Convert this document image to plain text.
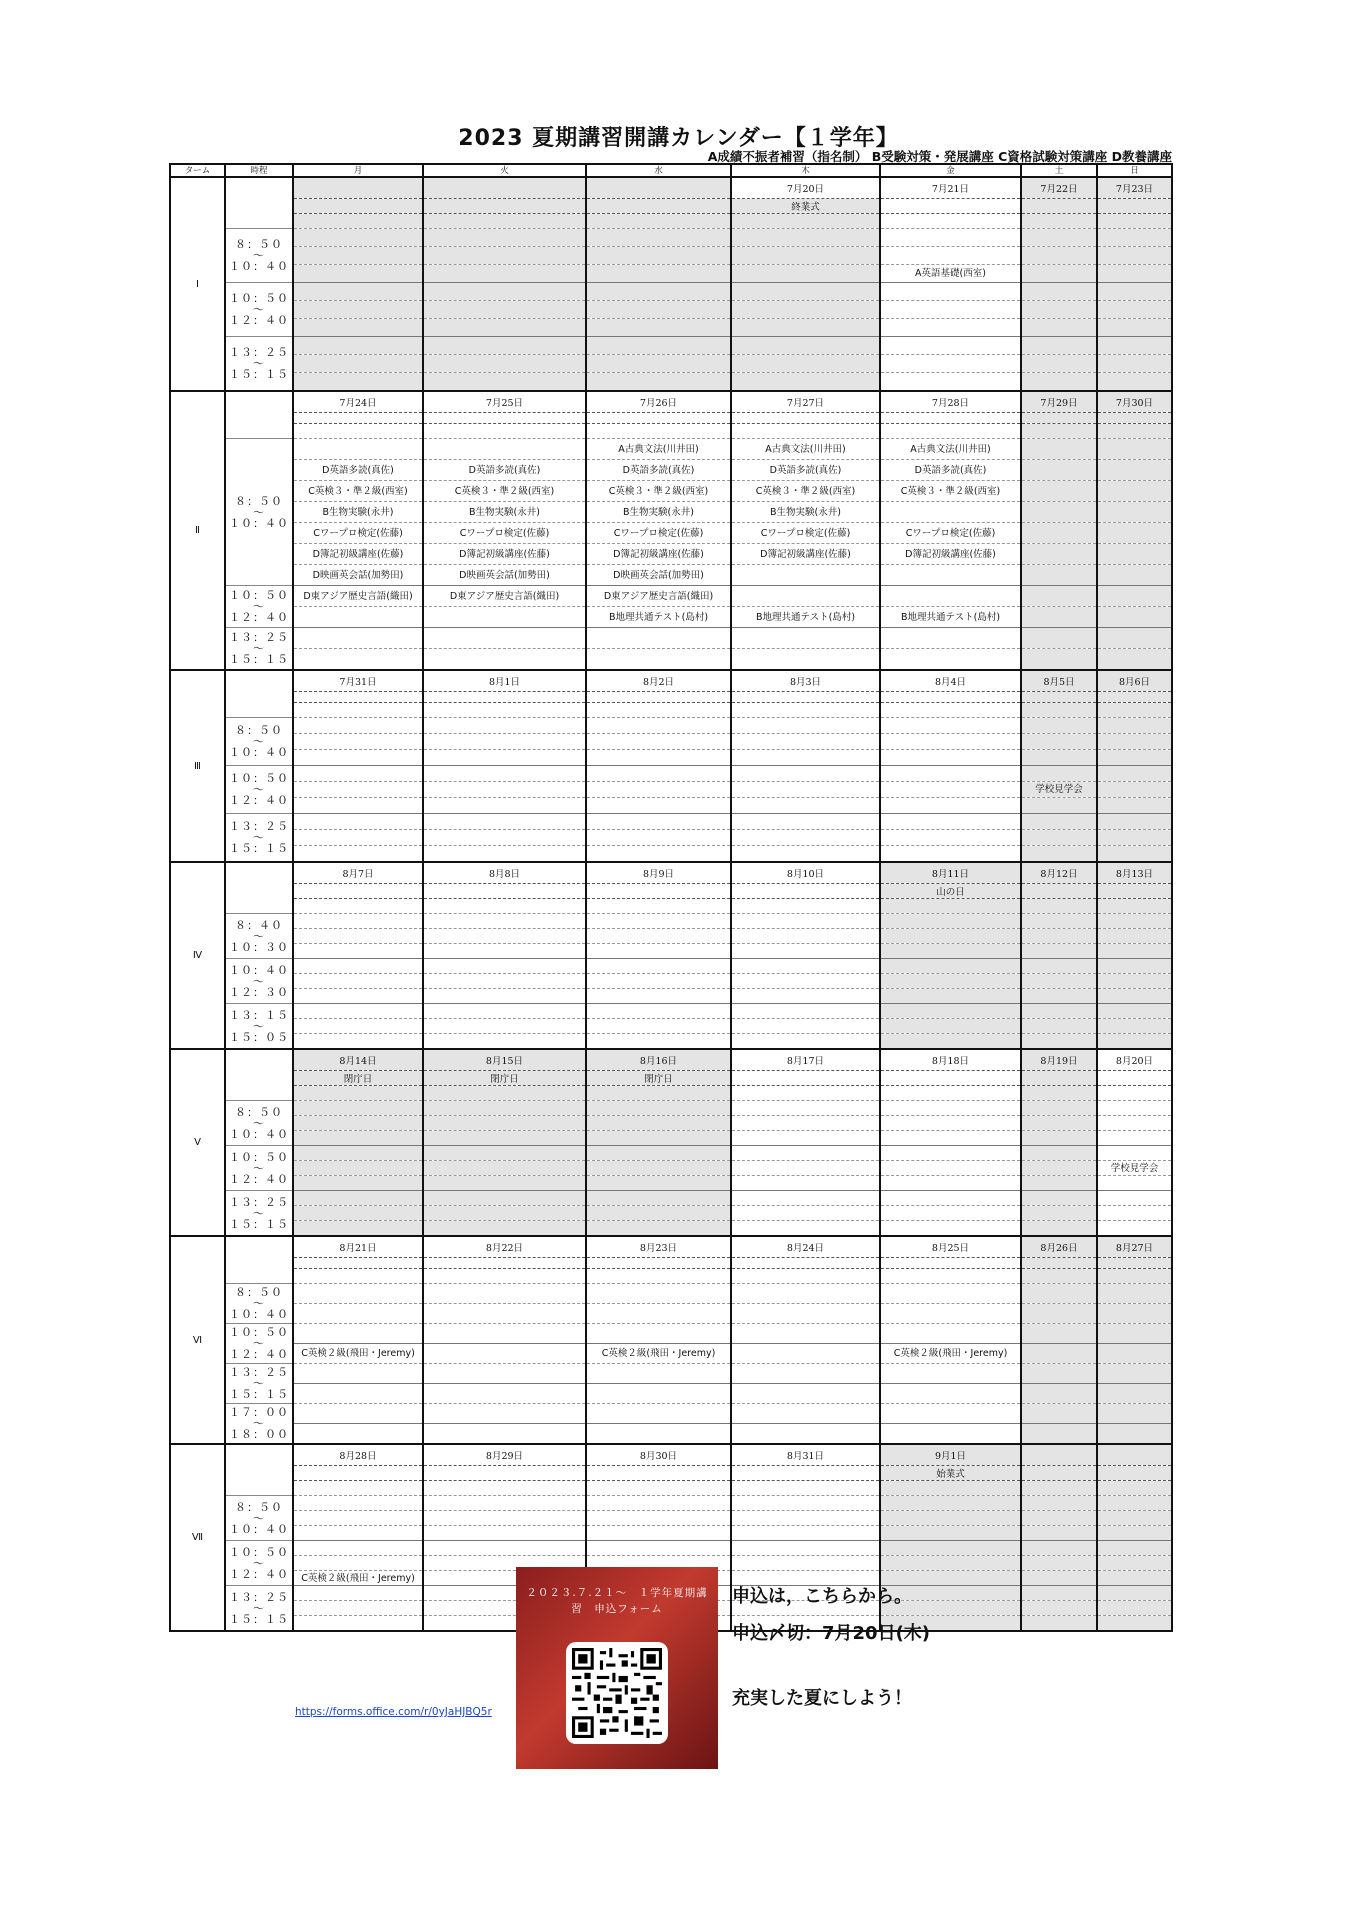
2023 夏期講習開講カレンダー【１学年】
A成績不振者補習（指名制） B受験対策・発展講座 C資格試験対策講座 D教養講座
ターム	時程	月	火	水	木	金	土	日
Ⅰ					7月20日	7月21日	7月22日	7月23日
					終業式			

	８：５０
～
１０：４０							

						A英語基礎(西室)		

	１０：５０
～
１２：４０							

	１３：２５
～
１５：１５							

Ⅱ		7月24日	7月25日	7月26日	7月27日	7月28日	7月29日	7月30日

	８：５０
～
１０：４０			A古典文法(川井田)	A古典文法(川井田)	A古典文法(川井田)		
		D英語多読(真佐)	D英語多読(真佐)	D英語多読(真佐)	D英語多読(真佐)	D英語多読(真佐)		
		C英検３・準２級(西室)	C英検３・準２級(西室)	C英検３・準２級(西室)	C英検３・準２級(西室)	C英検３・準２級(西室)		
		B生物実験(永井)	B生物実験(永井)	B生物実験(永井)	B生物実験(永井)			
		Cワープロ検定(佐藤)	Cワープロ検定(佐藤)	Cワープロ検定(佐藤)	Cワープロ検定(佐藤)	Cワープロ検定(佐藤)		
		D簿記初級講座(佐藤)	D簿記初級講座(佐藤)	D簿記初級講座(佐藤)	D簿記初級講座(佐藤)	D簿記初級講座(佐藤)		
		D映画英会話(加勢田)	D映画英会話(加勢田)	D映画英会話(加勢田)				

	１０：５０
～
１２：４０	D東アジア歴史言語(織田)	D東アジア歴史言語(織田)	D東アジア歴史言語(織田)				
				B地理共通テスト(島村)	B地理共通テスト(島村)	B地理共通テスト(島村)		

	１３：２５
～
１５：１５							

Ⅲ		7月31日	8月1日	8月2日	8月3日	8月4日	8月5日	8月6日

	８：５０
～
１０：４０							

	１０：５０
～
１２：４０							

							学校見学会	

	１３：２５
～
１５：１５							

Ⅳ		8月7日	8月8日	8月9日	8月10日	8月11日	8月12日	8月13日
						山の日		

	８：４０
～
１０：３０							

	１０：４０
～
１２：３０							

	１３：１５
～
１５：０５							

Ⅴ		8月14日	8月15日	8月16日	8月17日	8月18日	8月19日	8月20日
		閉庁日	閉庁日	閉庁日				

	８：５０
～
１０：４０							

	１０：５０
～
１２：４０							

								学校見学会

	１３：２５
～
１５：１５							

Ⅵ		8月21日	8月22日	8月23日	8月24日	8月25日	8月26日	8月27日

	８：５０
～
１０：４０							

	１０：５０
～
１２：４０							

		C英検２級(飛田・Jeremy)		C英検２級(飛田・Jeremy)		C英検２級(飛田・Jeremy)		

	１３：２５
～
１５：１５							

	１７：００
～
１８：００							

Ⅶ		8月28日	8月29日	8月30日	8月31日	9月1日		
						始業式		

	８：５０
～
１０：４０							

	１０：５０
～
１２：４０							

		C英検２級(飛田・Jeremy)						

	１３：２５
～
１５：１５							

２０２３.７.２１～　１学年夏期講習　申込フォーム
申込は，こちらから。
申込〆切：7月20日(木)
充実した夏にしよう！
https://forms.office.com/r/0yJaHJBQ5r
